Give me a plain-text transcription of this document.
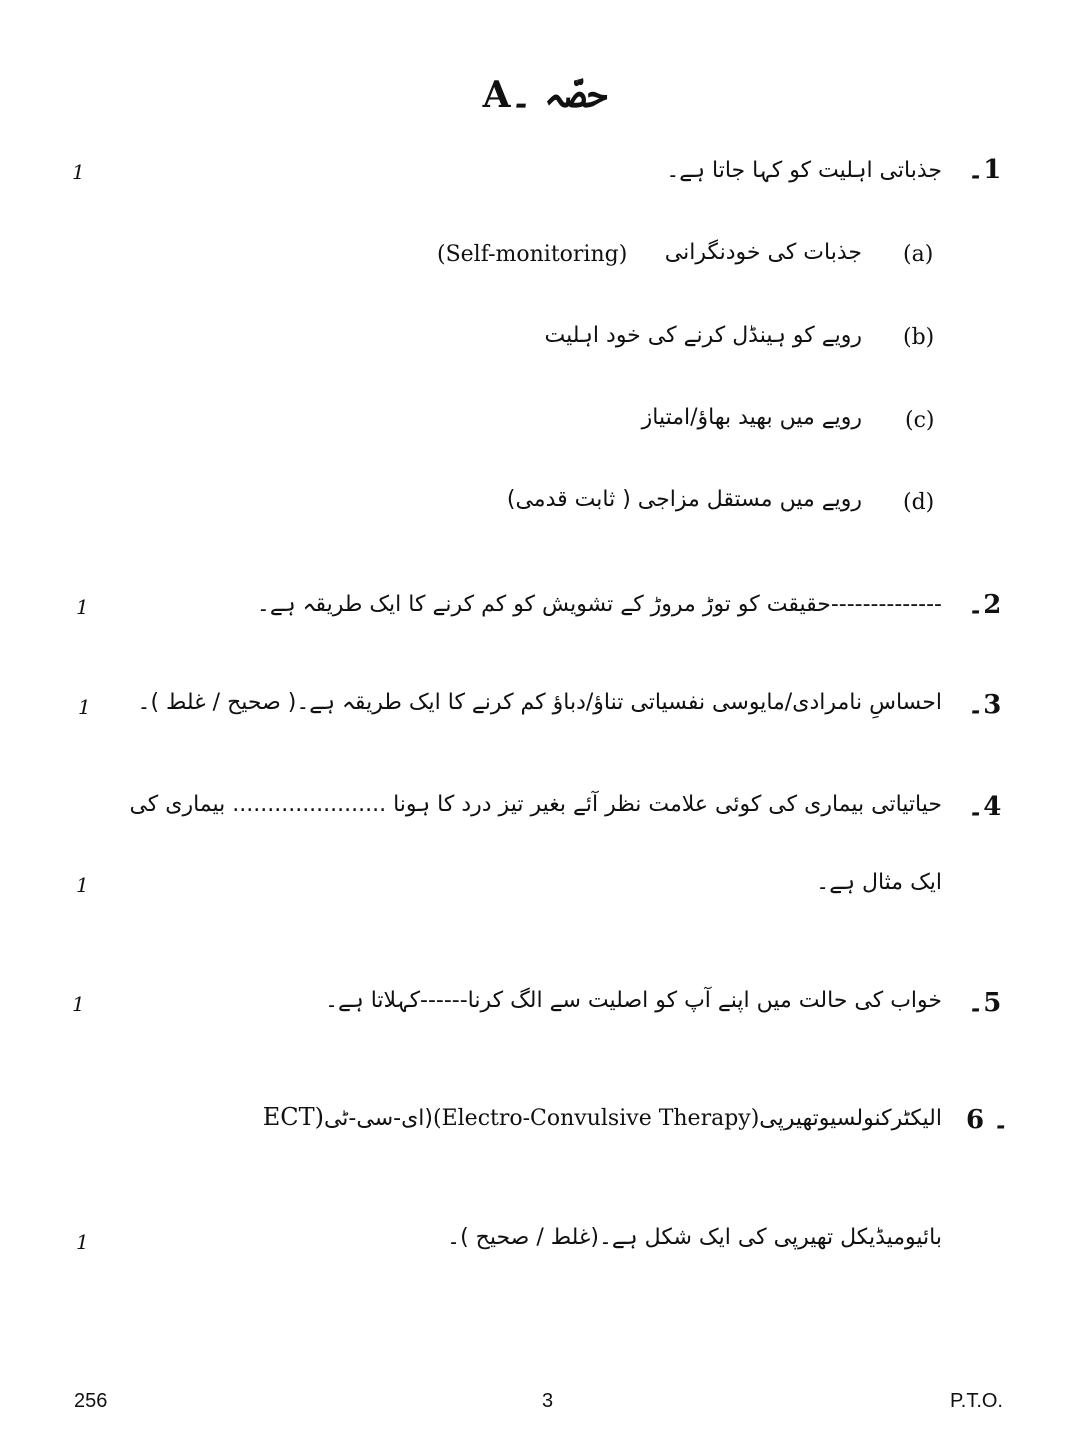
حصّہ ۔A
1۔
جذباتی اہلیت کو کہا جاتا ہے۔
1
(a)
جذبات کی خودنگرانی
(Self-monitoring)
(b)
رویے کو ہینڈل کرنے کی خود اہلیت
(c)
رویے میں بھید بھاؤ/امتیاز
(d)
رویے میں مستقل مزاجی ( ثابت قدمی)
2۔
--------------حقیقت کو توڑ مروڑ کے تشویش کو کم کرنے کا ایک طریقہ ہے۔
1
3۔
احساسِ نامرادی/مایوسی نفسیاتی تناؤ/دباؤ کم کرنے کا ایک طریقہ ہے۔( صحیح / غلط )۔
1
4۔
حیاتیاتی بیماری کی کوئی علامت نظر آئے بغیر تیز درد کا ہونا ...................... بیماری کی
ایک مثال ہے۔
1
5۔
خواب کی حالت میں اپنے آپ کو اصلیت سے الگ کرنا------کہلاتا ہے۔
1
6 ۔
ECT)(ای-سی-ٹی(Electro-Convulsive Therapy)الیکٹرکنولسیوتھیرپی
بائیومیڈیکل تھیرپی کی ایک شکل ہے۔(غلط / صحیح )۔
1
256	3	P.T.O.
